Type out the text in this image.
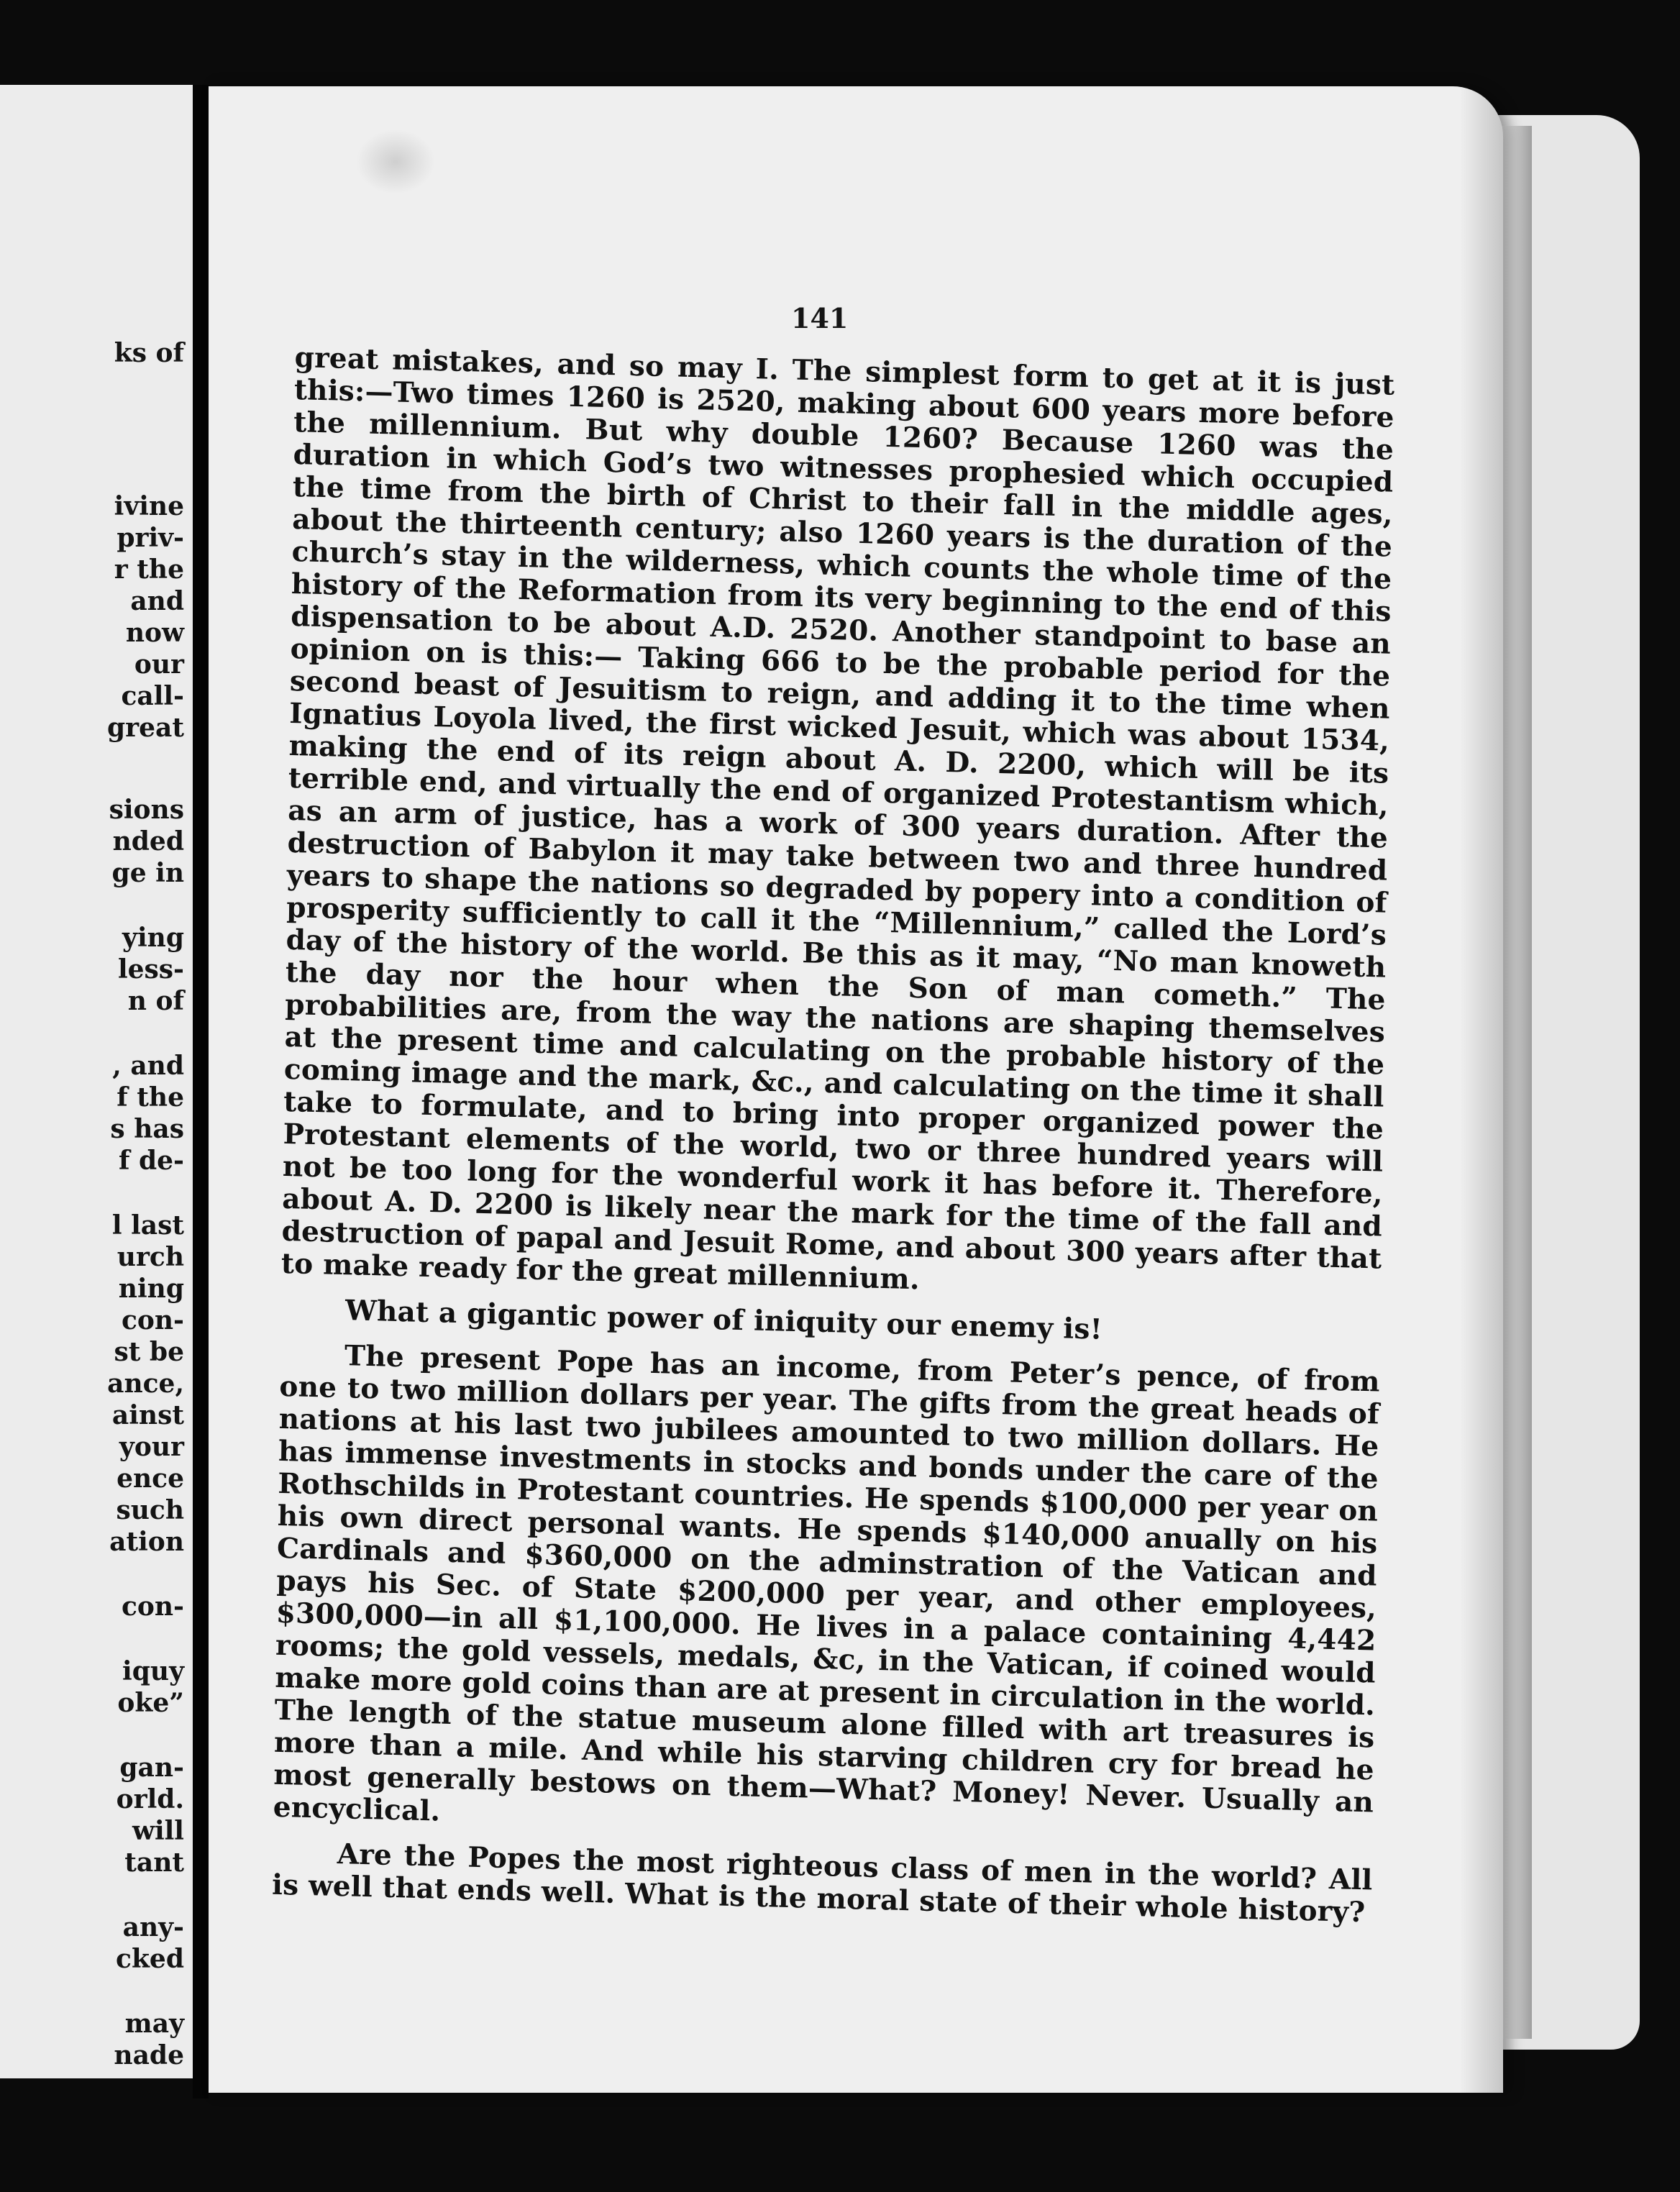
ks of
ivine
priv-
r the
and
now
our
call-
great
sions
nded
ge in
ying
less-
n of
, and
f the
s has
f de-
l last
urch
ning
con-
st be
ance,
ainst
your
ence
such
ation
con-
iquy
oke”
gan-
orld.
will
tant
any-
cked
may
nade
141

great mistakes, and so may I. The simplest form to get at it is just this:—Two times 1260 is 2520, making about 600 years more before the millennium. But why double 1260? Because 1260 was the duration in which God’s two witnesses prophesied which occupied the time from the birth of Christ to their fall in the middle ages, about the thirteenth century; also 1260 years is the duration of the church’s stay in the wilderness, which counts the whole time of the history of the Reformation from its very beginning to the end of this dispensation to be about A.D. 2520. Another standpoint to base an opinion on is this:— Taking 666 to be the probable period for the second beast of Jesuitism to reign, and adding it to the time when Ignatius Loyola lived, the first wicked Jesuit, which was about 1534, making the end of its reign about A. D. 2200, which will be its terrible end, and virtually the end of organized Protestantism which, as an arm of justice, has a work of 300 years duration. After the destruction of Babylon it may take between two and three hundred years to shape the nations so degraded by popery into a condition of prosperity sufficiently to call it the “Millennium,” called the Lord’s day of the history of the world. Be this as it may, “No man knoweth the day nor the hour when the Son of man cometh.” The probabilities are, from the way the nations are shaping themselves at the present time and calculating on the probable history of the coming image and the mark, &c., and calculating on the time it shall take to formulate, and to bring into proper organized power the Protestant elements of the world, two or three hundred years will not be too long for the wonderful work it has before it. Therefore, about A. D. 2200 is likely near the mark for the time of the fall and destruction of papal and Jesuit Rome, and about 300 years after that to make ready for the great millennium.

What a gigantic power of iniquity our enemy is!

The present Pope has an income, from Peter’s pence, of from one to two million dollars per year. The gifts from the great heads of nations at his last two jubilees amounted to two million dollars. He has immense investments in stocks and bonds under the care of the Rothschilds in Protestant countries. He spends $100,000 per year on his own direct personal wants. He spends $140,000 anually on his Cardinals and $360,000 on the adminstration of the Vatican and pays his Sec. of State $200,000 per year, and other employees, $300,000—in all $1,100,000. He lives in a palace containing 4,442 rooms; the gold vessels, medals, &c, in the Vatican, if coined would make more gold coins than are at present in circulation in the world. The length of the statue museum alone filled with art treasures is more than a mile. And while his starving children cry for bread he most generally bestows on them—What? Money! Never. Usually an encyclical.

Are the Popes the most righteous class of men in the world? All is well that ends well. What is the moral state of their whole history?
